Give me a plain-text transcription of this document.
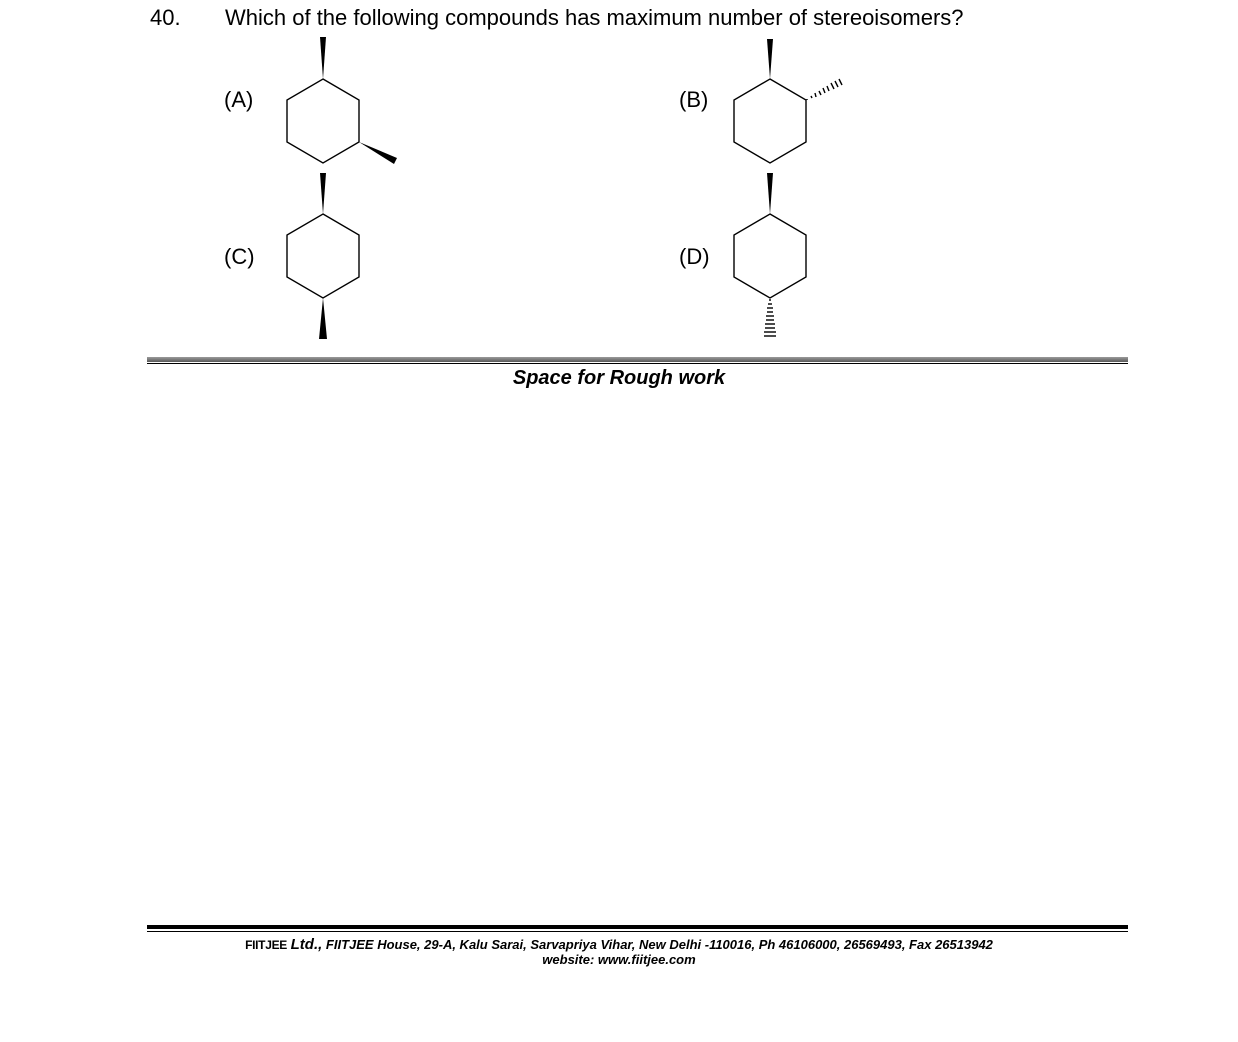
40. Which of the following compounds has maximum number of stereoisomers?
(A)	(B)
(C)	(D)
Space for Rough work
FIITJEE Ltd., FIITJEE House, 29-A, Kalu Sarai, Sarvapriya Vihar, New Delhi -110016, Ph 46106000, 26569493, Fax 26513942
website: www.fiitjee.com
